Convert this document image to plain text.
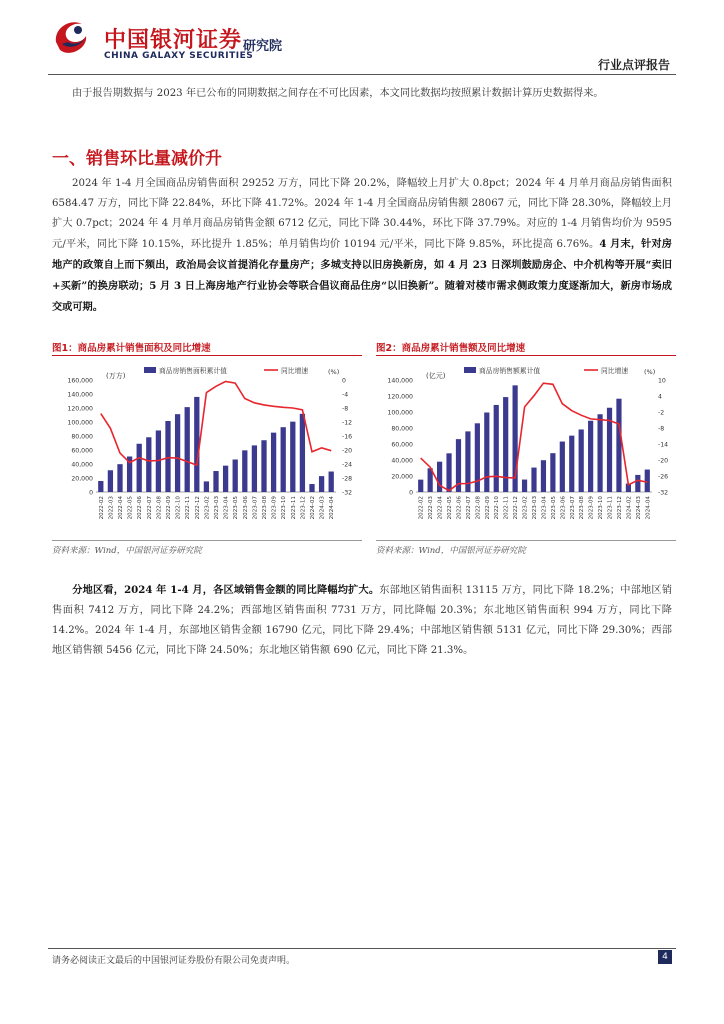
中国银河证券
CHINA GALAXY SECURITIES
研究院
行业点评报告

由于报告期数据与 2023 年已公布的同期数据之间存在不可比因素，本文同比数据均按照累计数据计算历史数据得来。

一、销售环比量减价升

2024 年 1-4 月全国商品房销售面积 29252 万方，同比下降 20.2%，降幅较上月扩大 0.8pct；2024 年 4 月单月商品房销售面积 6584.47 万方，同比下降 22.84%，环比下降 41.72%。2024 年 1-4 月全国商品房销售额 28067 元，同比下降 28.30%，降幅较上月扩大 0.7pct；2024 年 4 月单月商品房销售金额 6712 亿元，同比下降 30.44%，环比下降 37.79%。对应的 1-4 月销售均价为 9595 元/平米，同比下降 10.15%，环比提升 1.85%；单月销售均价 10194 元/平米，同比下降 9.85%，环比提高 6.76%。4 月末，针对房地产的政策自上而下频出，政治局会议首提消化存量房产；多城支持以旧房换新房，如 4 月 23 日深圳鼓励房企、中介机构等开展“卖旧+买新”的换房联动；5 月 3 日上海房地产行业协会等联合倡议商品住房“以旧换新”。随着对楼市需求侧政策力度逐渐加大，新房市场成交或可期。

图1：商品房累计销售面积及同比增速
160,000
140,000
120,000
100,000
80,000
60,000
40,000
20,000
0
0
-4
-8
-12
-16
-20
-24
-28
-32
(万方)	(%)
商品房销售面积累计值	同比增速
2022-02 2022-03 2022-04 2022-05 2022-06 2022-07 2022-08 2022-09 2022-10 2022-11 2022-12 2023-02 2023-03 2023-04 2023-05 2023-06 2023-07 2023-08 2023-09 2023-10 2023-11 2023-12 2024-02 2024-03 2024-04
资料来源：Wind，中国银河证券研究院
图2：商品房累计销售额及同比增速
140,000
120,000
100,000
80,000
60,000
40,000
20,000
0
10
4
-2
-8
-14
-20
-26
-32
(亿元)	(%)
商品房销售额累计值	同比增速
2022-02 2022-03 2022-04 2022-05 2022-06 2022-07 2022-08 2022-09 2022-10 2022-11 2022-12 2023-02 2023-03 2023-04 2023-05 2023-06 2023-07 2023-08 2023-09 2023-10 2023-11 2023-12 2024-02 2024-03 2024-04
资料来源：Wind，中国银河证券研究院

分地区看，2024 年 1-4 月，各区域销售金额的同比降幅均扩大。东部地区销售面积 13115 万方，同比下降 18.2%；中部地区销售面积 7412 万方，同比下降 24.2%；西部地区销售面积 7731 万方，同比降幅 20.3%；东北地区销售面积 994 万方，同比下降 14.2%。2024 年 1-4 月，东部地区销售金额 16790 亿元，同比下降 29.4%；中部地区销售额 5131 亿元，同比下降 29.30%；西部地区销售额 5456 亿元，同比下降 24.50%；东北地区销售额 690 亿元，同比下降 21.3%。

请务必阅读正文最后的中国银河证券股份有限公司免责声明。	4
